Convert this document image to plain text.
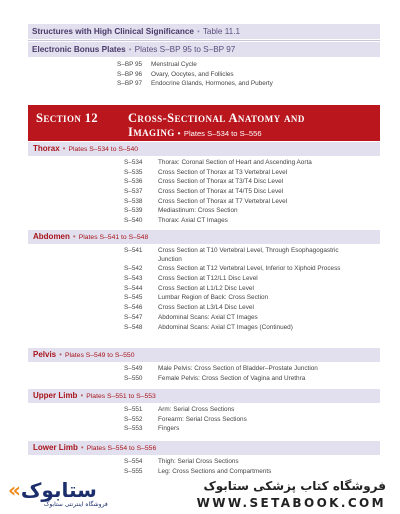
Structures with High Clinical Significance • Table 11.1
Electronic Bonus Plates • Plates S–BP 95 to S–BP 97
S–BP 95	Menstrual Cycle
S–BP 96	Ovary, Oocytes, and Follicles
S–BP 97	Endocrine Glands, Hormones, and Puberty
Section 12 Cross-Sectional Anatomy and
Imaging • Plates S–534 to S–556
Thorax • Plates S–534 to S–540
S–534	Thorax: Coronal Section of Heart and Ascending Aorta
S–535	Cross Section of Thorax at T3 Vertebral Level
S–536	Cross Section of Thorax at T3/T4 Disc Level
S–537	Cross Section of Thorax at T4/T5 Disc Level
S–538	Cross Section of Thorax at T7 Vertebral Level
S–539	Mediastinum: Cross Section
S–540	Thorax: Axial CT Images
Abdomen • Plates S–541 to S–548
S–541	Cross Section at T10 Vertebral Level, Through Esophagogastric Junction
S–542	Cross Section at T12 Vertebral Level, Inferior to Xiphoid Process
S–543	Cross Section at T12/L1 Disc Level
S–544	Cross Section at L1/L2 Disc Level
S–545	Lumbar Region of Back: Cross Section
S–546	Cross Section at L3/L4 Disc Level
S–547	Abdominal Scans: Axial CT Images
S–548	Abdominal Scans: Axial CT Images (Continued)
Pelvis • Plates S–549 to S–550
S–549	Male Pelvis: Cross Section of Bladder–Prostate Junction
S–550	Female Pelvis: Cross Section of Vagina and Urethra
Upper Limb • Plates S–551 to S–553
S–551	Arm: Serial Cross Sections
S–552	Forearm: Serial Cross Sections
S–553	Fingers
Lower Limb • Plates S–554 to S–556
S–554	Thigh: Serial Cross Sections
S–555	Leg: Cross Sections and Compartments
«ستابوک
فروشگاه اینترنتی ستابوک
فروشگاه کتاب پزشکی ستابوک
WWW.SETABOOK.COM
